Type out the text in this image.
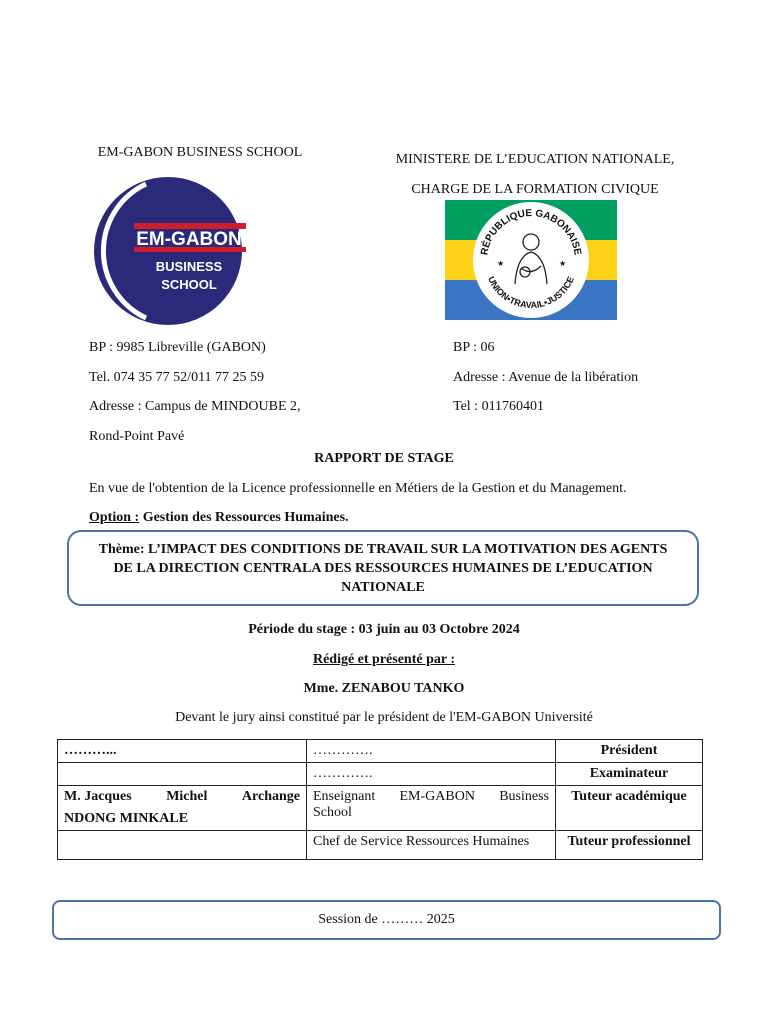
EM-GABON BUSINESS SCHOOL	MINISTERE DE L’EDUCATION NATIONALE,
CHARGE DE LA FORMATION CIVIQUE
EM-GABON
BUSINESS
SCHOOL
RÉPUBLIQUE GABONAISE
UNION•TRAVAIL•JUSTICE
★	★
BP : 9985 Libreville (GABON)
Tel. 074 35 77 52/011 77 25 59
Adresse : Campus de MINDOUBE 2,
Rond-Point Pavé
BP : 06
Adresse : Avenue de la libération
Tel : 011760401
RAPPORT DE STAGE
En vue de l'obtention de la Licence professionnelle en Métiers de la Gestion et du Management.
Option : Gestion des Ressources Humaines.
Thème: L’IMPACT DES CONDITIONS DE TRAVAIL SUR LA MOTIVATION DES AGENTS DE LA DIRECTION CENTRALA DES RESSOURCES HUMAINES DE L’EDUCATION NATIONALE
Période du stage : 03 juin au 03 Octobre 2024
Rédigé et présenté par :
Mme. ZENABOU TANKO
Devant le jury ainsi constitué par le président de l'EM-GABON Université
………...	………….	Président
	………….	Examinateur

M. Jacques Michel Archange
NDONG MINKALE	Enseignant EM-GABON Business School	Tuteur académique
	Chef de Service Ressources Humaines	Tuteur professionnel
Session de ……… 2025
